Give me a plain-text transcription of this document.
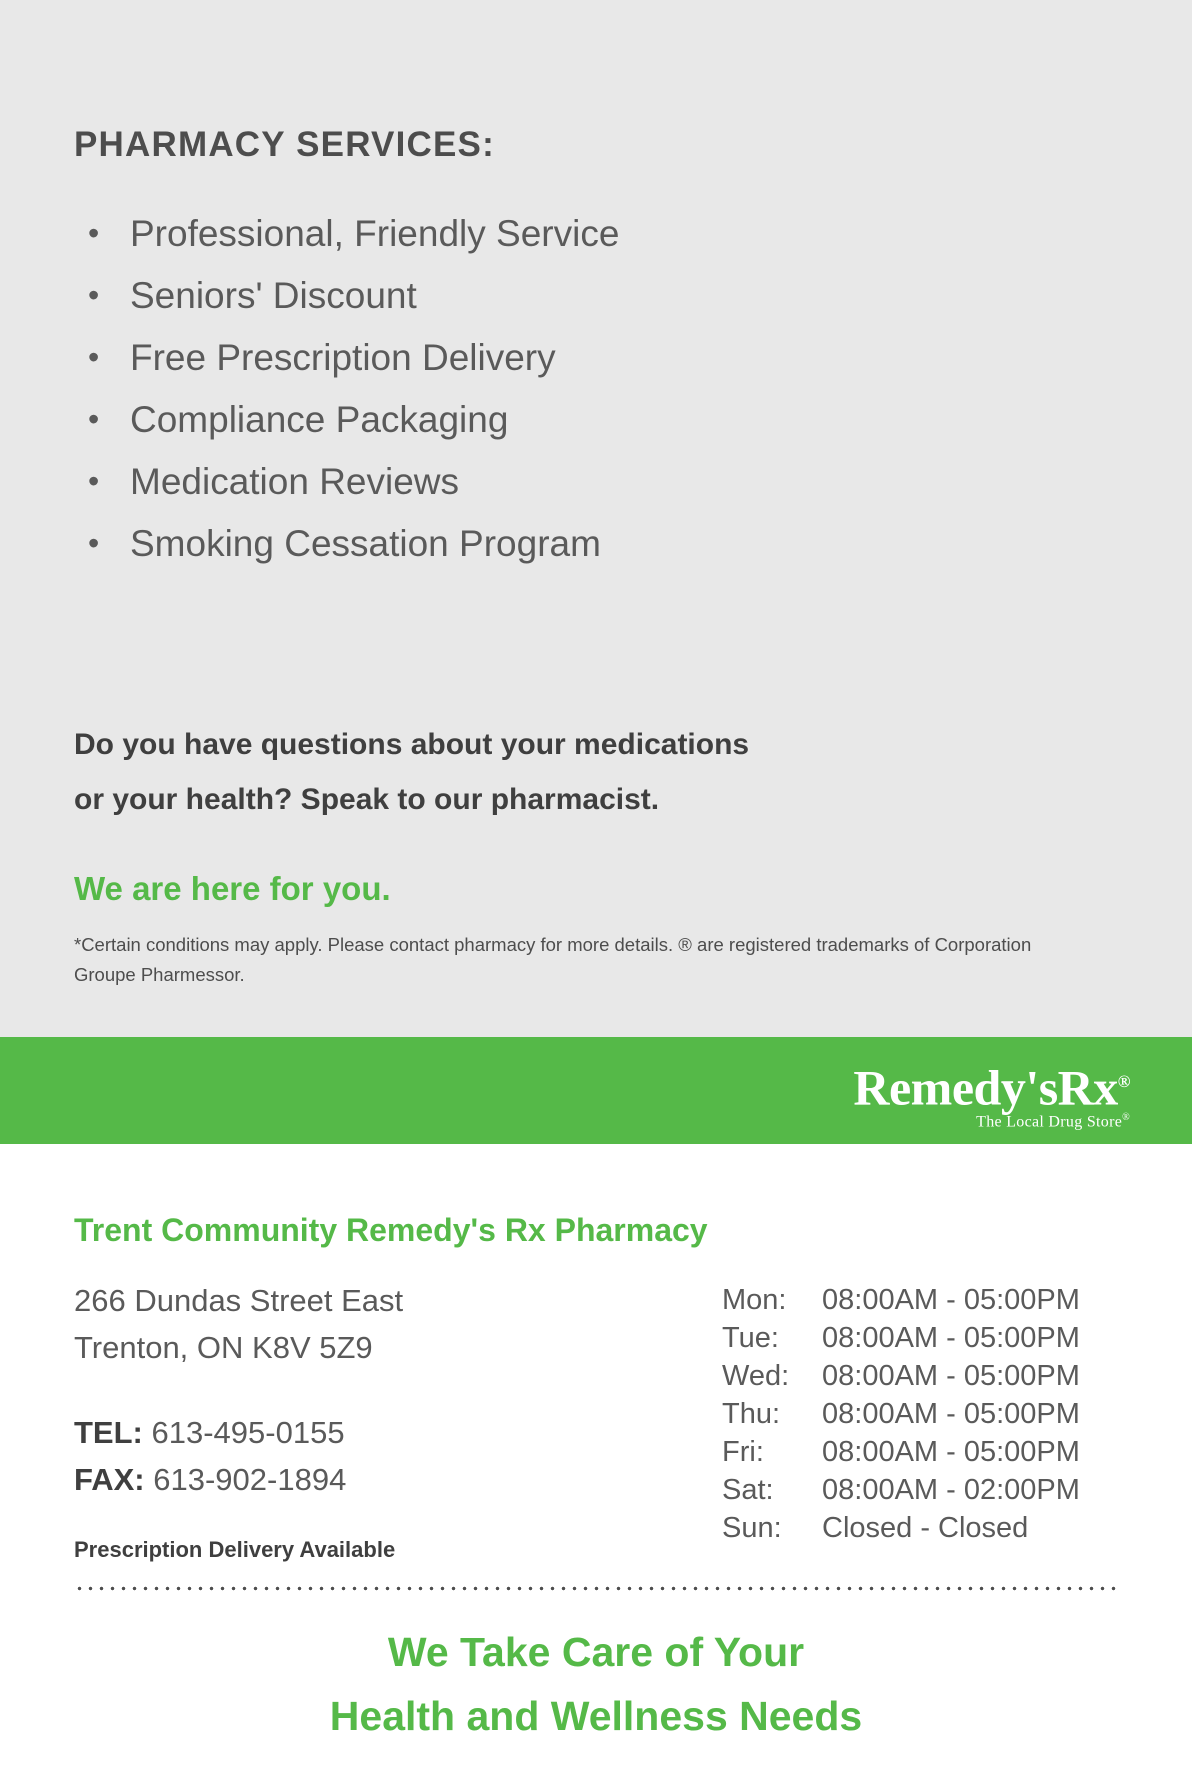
PHARMACY SERVICES:
• Professional, Friendly Service
• Seniors' Discount
• Free Prescription Delivery
• Compliance Packaging
• Medication Reviews
• Smoking Cessation Program
Do you have questions about your medications
or your health? Speak to our pharmacist.
We are here for you.
*Certain conditions may apply. Please contact pharmacy for more details. ® are registered trademarks of Corporation Groupe Pharmessor.
Remedy'sRx®
The Local Drug Store®
Trent Community Remedy's Rx Pharmacy
266 Dundas Street East
Trenton, ON K8V 5Z9
TEL: 613-495-0155
FAX: 613-902-1894
Prescription Delivery Available
Mon:	08:00AM - 05:00PM
Tue:	08:00AM - 05:00PM
Wed:	08:00AM - 05:00PM
Thu:	08:00AM - 05:00PM
Fri:	08:00AM - 05:00PM
Sat:	08:00AM - 02:00PM
Sun:	Closed - Closed
We Take Care of Your
Health and Wellness Needs
